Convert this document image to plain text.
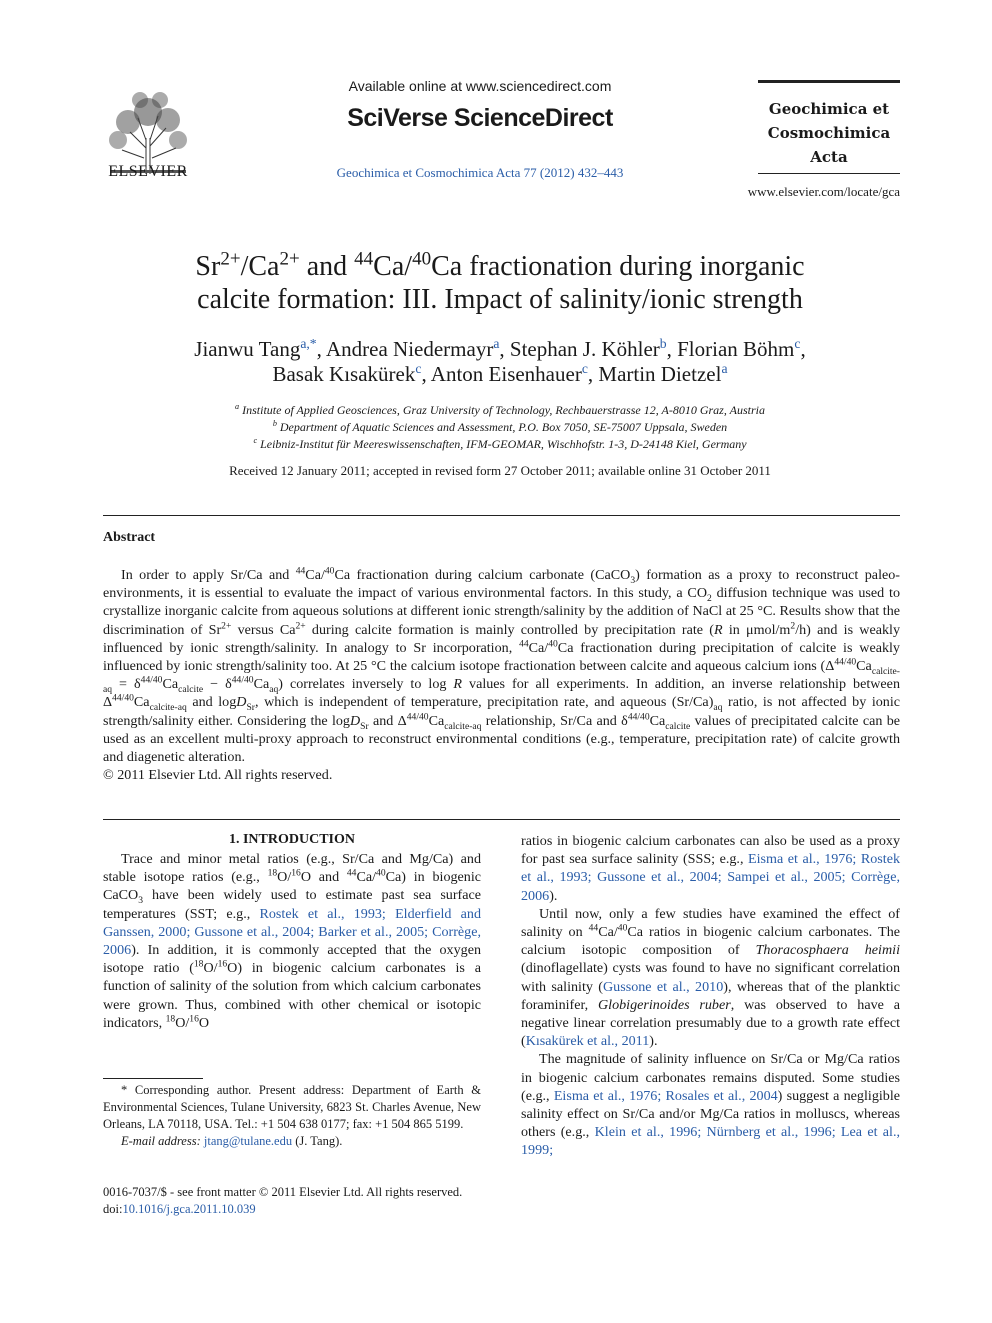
ELSEVIER
Available online at www.sciencedirect.com
SciVerse ScienceDirect
Geochimica et Cosmochimica Acta 77 (2012) 432–443
Geochimica et
Cosmochimica
Acta
www.elsevier.com/locate/gca
$Sr^{2+}/Ca^{2+}$ and $^{44}$Ca/$^{40}$Ca fractionation during inorganic
calcite formation: III. Impact of salinity/ionic strength
Jianwu Tang$^{a,*}$, Andrea Niedermayr$^a$, Stephan J. Köhler$^b$, Florian Böhm$^c$,
Basak Kısakürek$^c$, Anton Eisenhauer$^c$, Martin Dietzel$^a$
$^a$ Institute of Applied Geosciences, Graz University of Technology, Rechbauerstrasse 12, A-8010 Graz, Austria
$^b$ Department of Aquatic Sciences and Assessment, P.O. Box 7050, SE-75007 Uppsala, Sweden
$^c$ Leibniz-Institut für Meereswissenschaften, IFM-GEOMAR, Wischhofstr. 1-3, D-24148 Kiel, Germany
Received 12 January 2011; accepted in revised form 27 October 2011; available online 31 October 2011
Abstract

In order to apply Sr/Ca and $^{44}$Ca/$^{40}$Ca fractionation during calcium carbonate (CaCO$_3$) formation as a proxy to reconstruct paleo-environments, it is essential to evaluate the impact of various environmental factors. In this study, a $CO_2$ diffusion technique was used to crystallize inorganic calcite from aqueous solutions at different ionic strength/salinity by the addition of NaCl at 25 °C. Results show that the discrimination of $Sr^{2+}$ versus $Ca^{2+}$ during calcite formation is mainly controlled by precipitation rate (R in μmol/$m^2/h$) and is weakly influenced by ionic strength/salinity. In analogy to Sr incorporation, $^{44}$Ca/$^{40}$Ca fractionation during precipitation of calcite is weakly influenced by ionic strength/salinity too. At 25 °C the calcium isotope fractionation between calcite and aqueous calcium ions $(\Delta^{44/40}Ca_{calcite-aq} = \delta^{44/40}Ca_{calcite} - \delta^{44/40}Ca_{aq})$ correlates inversely to log R values for all experiments. In addition, an inverse relationship between $\Delta^{44/40}Ca_{calcite-aq}$ and logD$_{Sr}$, which is independent of temperature, precipitation rate, and aqueous $(Sr/Ca)_{aq}$ ratio, is not affected by ionic strength/salinity either. Considering the logD$_{Sr}$ and $\Delta^{44/40}Ca_{calcite-aq}$ relationship, Sr/Ca and $\delta^{44/40}Ca_{calcite}$ values of precipitated calcite can be used as an excellent multi-proxy approach to reconstruct environmental conditions (e.g., temperature, precipitation rate) of calcite growth and diagenetic alteration.

© 2011 Elsevier Ltd. All rights reserved.
1. INTRODUCTION

Trace and minor metal ratios (e.g., Sr/Ca and Mg/Ca) and stable isotope ratios (e.g., $^{18}$O/$^{16}$O and $^{44}$Ca/$^{40}$Ca) in biogenic CaCO$_3$ have been widely used to estimate past sea surface temperatures (SST; e.g., Rostek et al., 1993; Elderfield and Ganssen, 2000; Gussone et al., 2004; Barker et al., 2005; Corrège, 2006). In addition, it is commonly accepted that the oxygen isotope ratio ($^{18}$O/$^{16}$O) in biogenic calcium carbonates is a function of salinity of the solution from which calcium carbonates were grown. Thus, combined with other chemical or isotopic indicators, $^{18}$O/$^{16}$O

* Corresponding author. Present address: Department of Earth & Environmental Sciences, Tulane University, 6823 St. Charles Avenue, New Orleans, LA 70118, USA. Tel.: +1 504 638 0177; fax: +1 504 865 5199.

E-mail address: jtang@tulane.edu (J. Tang).

0016-7037/$ - see front matter © 2011 Elsevier Ltd. All rights reserved.
doi:10.1016/j.gca.2011.10.039

ratios in biogenic calcium carbonates can also be used as a proxy for past sea surface salinity (SSS; e.g., Eisma et al., 1976; Rostek et al., 1993; Gussone et al., 2004; Sampei et al., 2005; Corrège, 2006).

Until now, only a few studies have examined the effect of salinity on $^{44}$Ca/$^{40}$Ca ratios in biogenic calcium carbonates. The calcium isotopic composition of Thoracosphaera heimii (dinoflagellate) cysts was found to have no significant correlation with salinity (Gussone et al., 2010), whereas that of the planktic foraminifer, Globigerinoides ruber, was observed to have a negative linear correlation presumably due to a growth rate effect (Kısakürek et al., 2011).

The magnitude of salinity influence on Sr/Ca or Mg/Ca ratios in biogenic calcium carbonates remains disputed. Some studies (e.g., Eisma et al., 1976; Rosales et al., 2004) suggest a negligible salinity effect on Sr/Ca and/or Mg/Ca ratios in molluscs, whereas others (e.g., Klein et al., 1996; Nürnberg et al., 1996; Lea et al., 1999;
